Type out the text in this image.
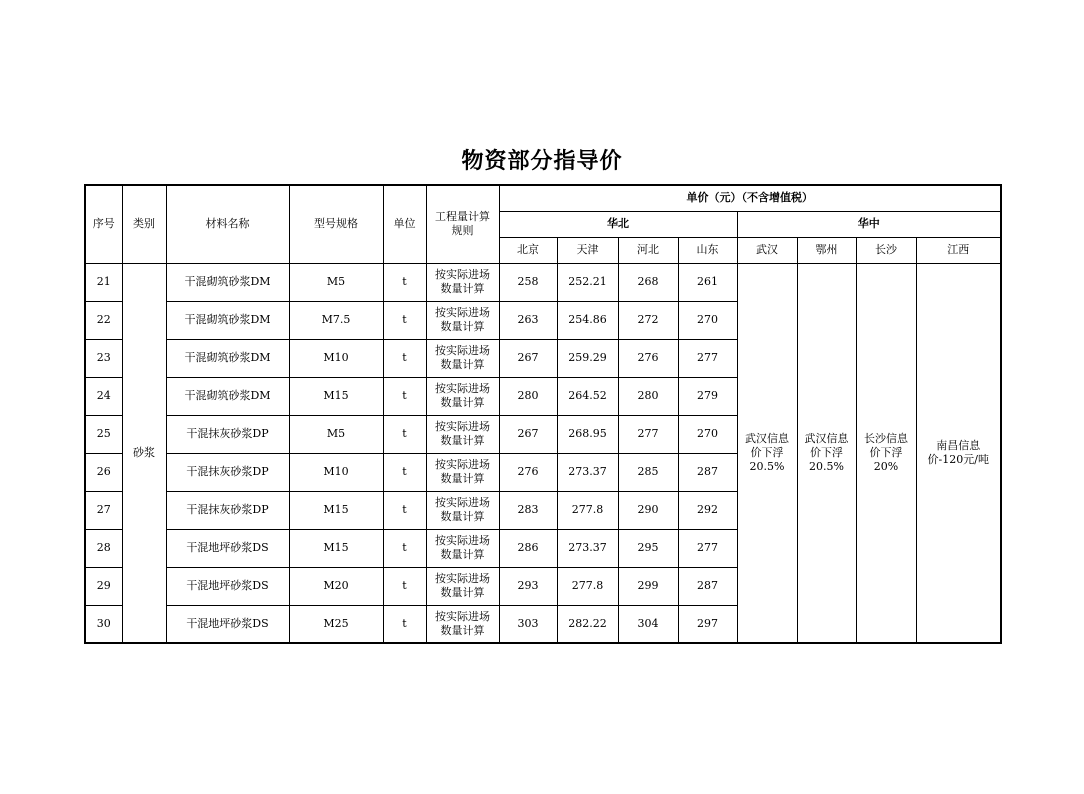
物资部分指导价
序号	类别	材料名称	型号规格	单位	工程量计算规则	单价（元）（不含增值税）							
						华北				华中			
						北京	天津	河北	山东	武汉	鄂州	长沙	江西
21	砂浆	干混砌筑砂浆DM	M5	t	按实际进场数量计算	258	252.21	268	261	武汉信息价下浮20.5%	武汉信息价下浮20.5%	长沙信息价下浮20%	南昌信息价-120元/吨
22		干混砌筑砂浆DM	M7.5	t	按实际进场数量计算	263	254.86	272	270				
23		干混砌筑砂浆DM	M10	t	按实际进场数量计算	267	259.29	276	277				
24		干混砌筑砂浆DM	M15	t	按实际进场数量计算	280	264.52	280	279				
25		干混抹灰砂浆DP	M5	t	按实际进场数量计算	267	268.95	277	270				
26		干混抹灰砂浆DP	M10	t	按实际进场数量计算	276	273.37	285	287				
27		干混抹灰砂浆DP	M15	t	按实际进场数量计算	283	277.8	290	292				
28		干混地坪砂浆DS	M15	t	按实际进场数量计算	286	273.37	295	277				
29		干混地坪砂浆DS	M20	t	按实际进场数量计算	293	277.8	299	287				
30		干混地坪砂浆DS	M25	t	按实际进场数量计算	303	282.22	304	297				
